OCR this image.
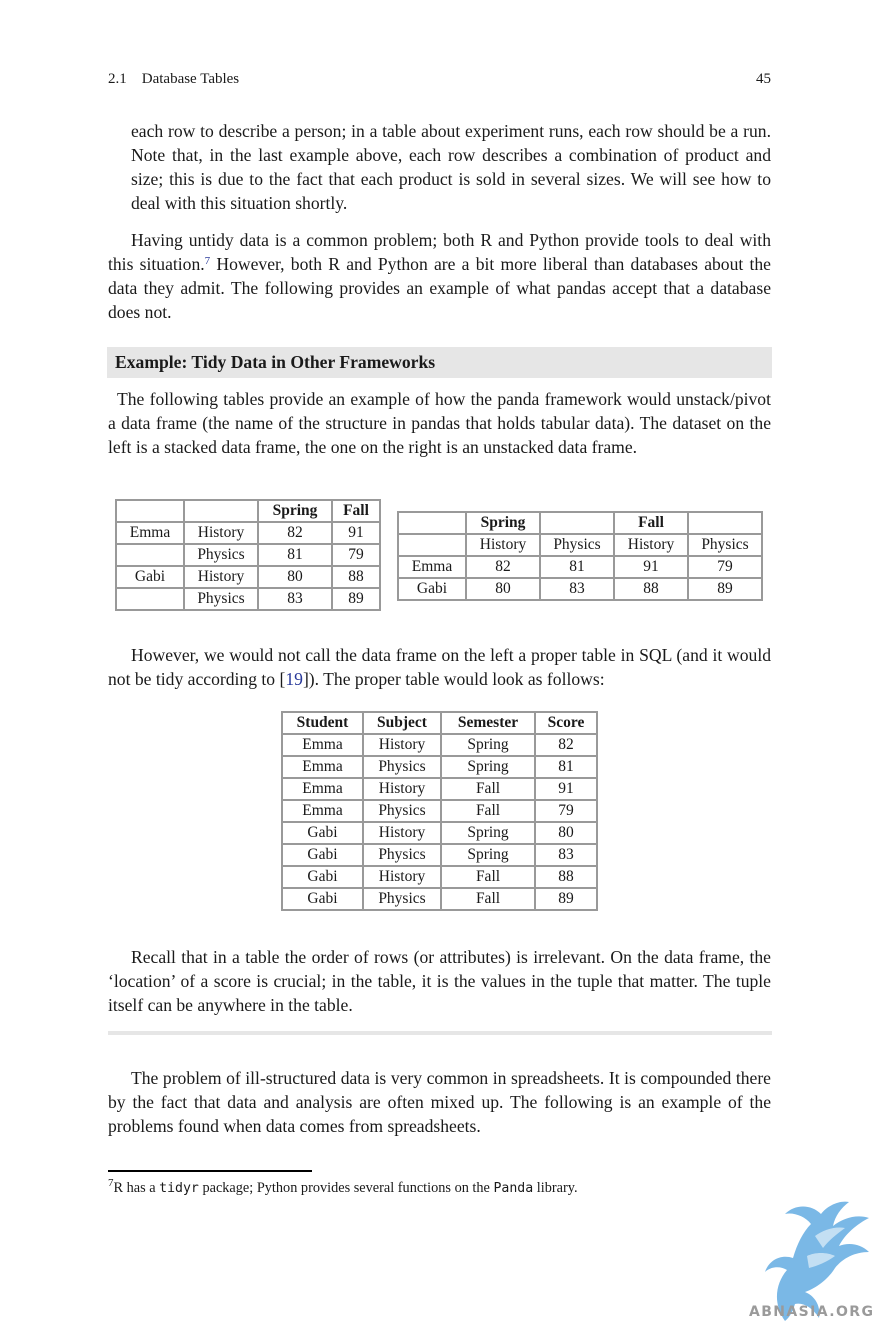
2.1 Database Tables	45

each row to describe a person; in a table about experiment runs, each row should be a run. Note that, in the last example above, each row describes a combination of product and size; this is due to the fact that each product is sold in several sizes. We will see how to deal with this situation shortly.

Having untidy data is a common problem; both R and Python provide tools to deal with this situation.$^7$ However, both R and Python are a bit more liberal than databases about the data they admit. The following provides an example of what pandas accept that a database does not.

Example: Tidy Data in Other Frameworks

The following tables provide an example of how the panda framework would unstack/pivot a data frame (the name of the structure in pandas that holds tabular data). The dataset on the left is a stacked data frame, the one on the right is an unstacked data frame.

		Spring	Fall
Emma	History	82	91
	Physics	81	79
Gabi	History	80	88
	Physics	83	89
	Spring		Fall	
	History	Physics	History	Physics
Emma	82	81	91	79
Gabi	80	83	88	89

However, we would not call the data frame on the left a proper table in SQL (and it would not be tidy according to [19]). The proper table would look as follows:

Student	Subject	Semester	Score
Emma	History	Spring	82
Emma	Physics	Spring	81
Emma	History	Fall	91
Emma	Physics	Fall	79
Gabi	History	Spring	80
Gabi	Physics	Spring	83
Gabi	History	Fall	88
Gabi	Physics	Fall	89

Recall that in a table the order of rows (or attributes) is irrelevant. On the data frame, the ‘location’ of a score is crucial; in the table, it is the values in the tuple that matter. The tuple itself can be anywhere in the table.

The problem of ill-structured data is very common in spreadsheets. It is compounded there by the fact that data and analysis are often mixed up. The following is an example of the problems found when data comes from spreadsheets.

$^7$R has a tidyr package; Python provides several functions on the Panda library.
ABNASIA.ORG
